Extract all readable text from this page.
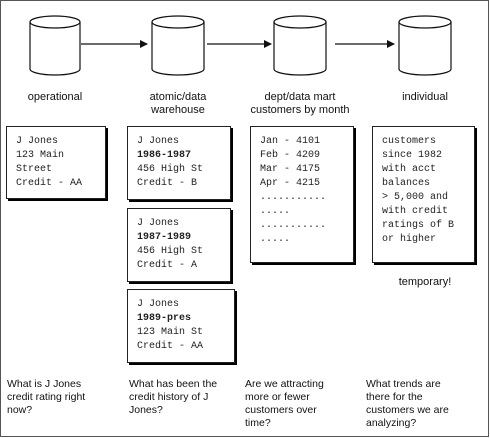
operational
J Jones
123 Main
Street
Credit - AA
What is J Jones
credit rating right
now?
atomic/data
warehouse
J Jones
1986-1987
456 High St
Credit - B
J Jones
1987-1989
456 High St
Credit - A
J Jones
1989-pres
123 Main St
Credit - AA
What has been the
credit history of J
Jones?
dept/data mart
customers by month
Jan - 4101
Feb - 4209
Mar - 4175
Apr - 4215
...........
.....
...........
.....
Are we attracting
more or fewer
customers over
time?
individual
customers
since 1982
with acct
balances
> 5,000 and
with credit
ratings of B
or higher
temporary!
What trends are
there for the
customers we are
analyzing?
